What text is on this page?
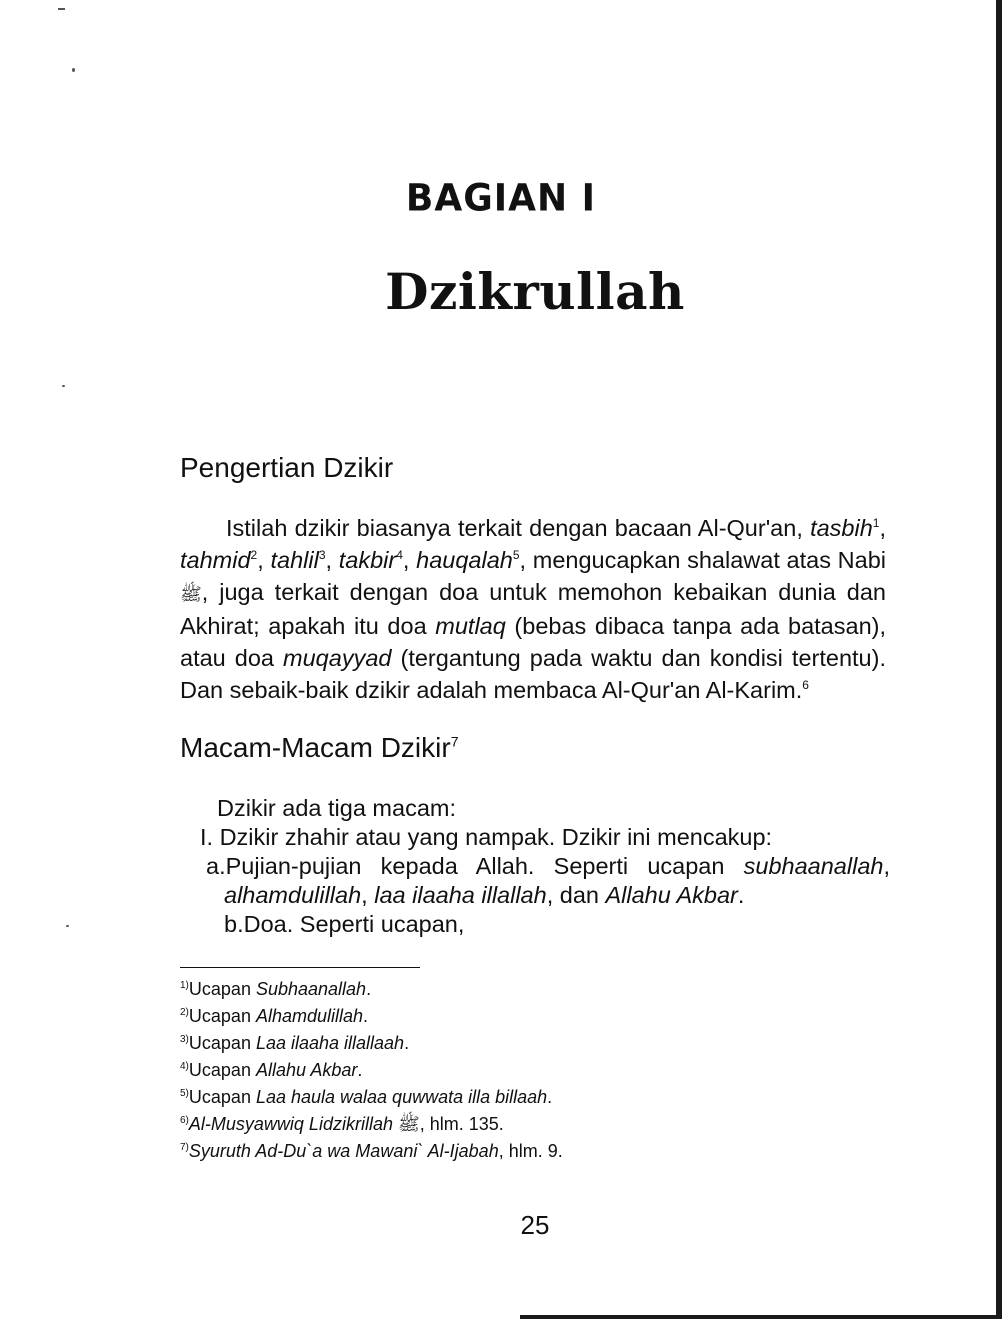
BAGIAN I
Dzikrullah
Pengertian Dzikir

Istilah dzikir biasanya terkait dengan bacaan Al-Qur'an, tasbih$^1$, tahmid$^2$, tahlil$^3$, takbir$^4$, hauqalah$^5$, mengucapkan shalawat atas Nabi ﷺ, juga terkait dengan doa untuk memohon kebaikan dunia dan Akhirat; apakah itu doa mutlaq (bebas dibaca tanpa ada batasan), atau doa muqayyad (tergantung pada waktu dan kondisi tertentu). Dan sebaik-baik dzikir adalah membaca Al-Qur'an Al-Karim.$^6$

Macam-Macam Dzikir$^7$
Dzikir ada tiga macam:
I. Dzikir zhahir atau yang nampak. Dzikir ini mencakup:
a.Pujian-pujian kepada Allah. Seperti ucapan subhaanallah, alhamdulillah, laa ilaaha illallah, dan Allahu Akbar.
b.Doa. Seperti ucapan,
$^{1)}$Ucapan Subhaanallah.
$^{2)}$Ucapan Alhamdulillah.
$^{3)}$Ucapan Laa ilaaha illallaah.
$^{4)}$Ucapan Allahu Akbar.
$^{5)}$Ucapan Laa haula walaa quwwata illa billaah.
$^{6)}$Al-Musyawwiq Lidzikrillah ﷺ, hlm. 135.
$^{7)}$Syuruth Ad-Du`a wa Mawani` Al-Ijabah, hlm. 9.
25
